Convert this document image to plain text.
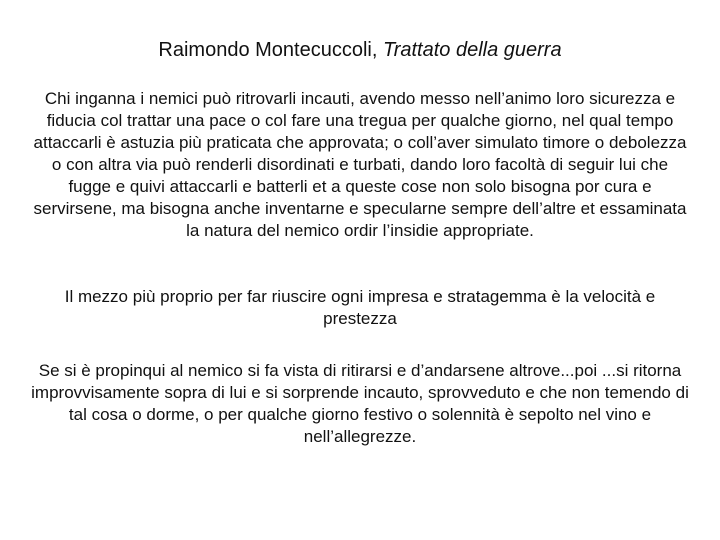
Raimondo Montecuccoli, Trattato della guerra

Chi inganna i nemici può ritrovarli incauti, avendo messo nell’animo loro sicurezza e fiducia col trattar una pace o col fare una tregua per qualche giorno, nel qual tempo attaccarli è astuzia più praticata che approvata; o coll’aver simulato timore o debolezza o con altra via può renderli disordinati e turbati, dando loro facoltà di seguir lui che fugge e quivi attaccarli e batterli et a queste cose non solo bisogna por cura e servirsene, ma bisogna anche inventarne e specularne sempre dell’altre et essaminata la natura del nemico ordir l’insidie appropriate.

Il mezzo più proprio per far riuscire ogni impresa e stratagemma è la velocità e prestezza

Se si è propinqui al nemico si fa vista di ritirarsi e d’andarsene altrove...poi ...si ritorna improvvisamente sopra di lui e si sorprende incauto, sprovveduto e che non temendo di tal cosa o dorme, o per qualche giorno festivo o solennità è sepolto nel vino e nell’allegrezze.
